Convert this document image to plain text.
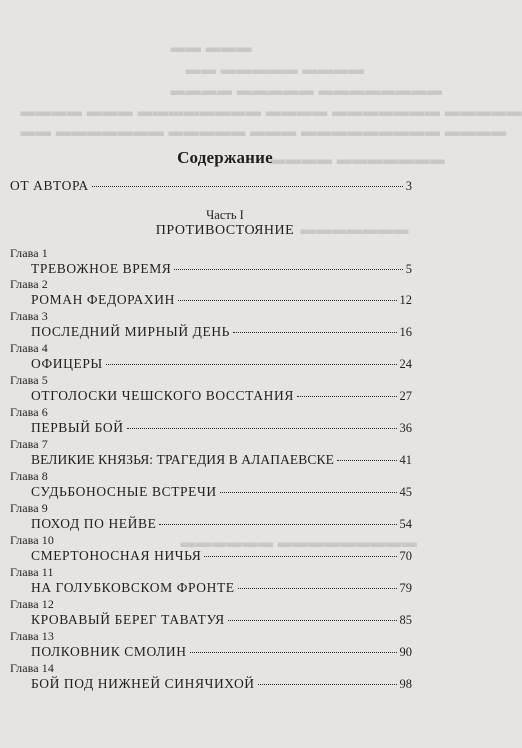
▬▬▬ ▬▬
▬▬▬▬ ▬▬▬▬▬ ▬▬
▬▬▬▬▬▬▬▬ ▬▬▬▬▬ ▬▬▬▬
▬▬▬▬▬ ▬▬▬▬▬▬▬ ▬▬▬▬ ▬▬▬▬▬▬▬▬ ▬▬▬ ▬▬▬▬
▬▬▬▬ ▬▬▬▬▬▬▬▬▬ ▬▬▬ ▬▬▬▬▬ ▬▬▬▬▬▬▬ ▬▬
▬▬▬▬▬▬▬ ▬▬▬▬
▬▬▬▬▬▬▬
▬▬▬▬▬▬▬▬▬ ▬▬▬▬▬▬
Содержание
ОТ АВТОРА	3
Часть I
ПРОТИВОСТОЯНИЕ
Глава 1
ТРЕВОЖНОЕ ВРЕМЯ	5
Глава 2
РОМАН ФЕДОРАХИН	12
Глава 3
ПОСЛЕДНИЙ МИРНЫЙ ДЕНЬ	16
Глава 4
ОФИЦЕРЫ	24
Глава 5
ОТГОЛОСКИ ЧЕШСКОГО ВОССТАНИЯ	27
Глава 6
ПЕРВЫЙ БОЙ	36
Глава 7
ВЕЛИКИЕ КНЯЗЬЯ: ТРАГЕДИЯ В АЛАПАЕВСКЕ	41
Глава 8
СУДЬБОНОСНЫЕ ВСТРЕЧИ	45
Глава 9
ПОХОД ПО НЕЙВЕ	54
Глава 10
СМЕРТОНОСНАЯ НИЧЬЯ	70
Глава 11
НА ГОЛУБКОВСКОМ ФРОНТЕ	79
Глава 12
КРОВАВЫЙ БЕРЕГ ТАВАТУЯ	85
Глава 13
ПОЛКОВНИК СМОЛИН	90
Глава 14
БОЙ ПОД НИЖНЕЙ СИНЯЧИХОЙ	98
